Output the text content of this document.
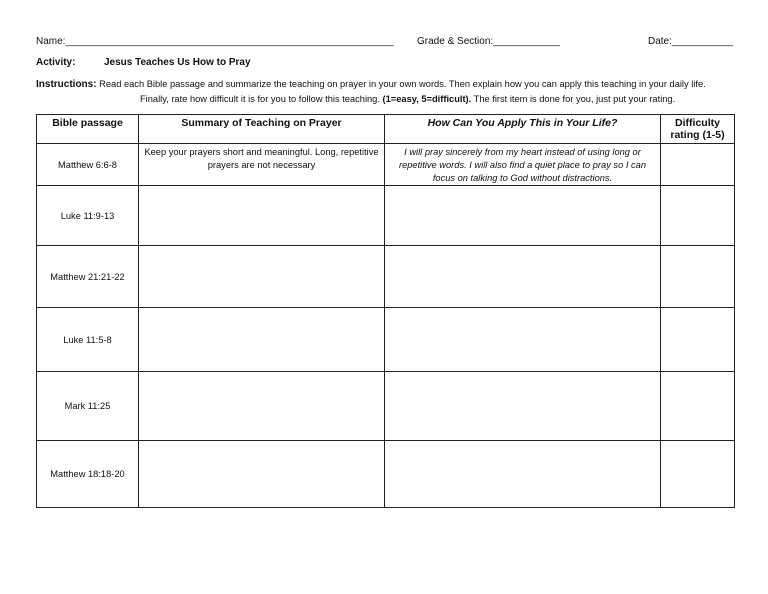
Name:___________________________________________________________ Grade & Section:____________	Date:___________
Activity:	Jesus Teaches Us How to Pray
Instructions: Read each Bible passage and summarize the teaching on prayer in your own words. Then explain how you can apply this teaching in your daily life.
Finally, rate how difficult it is for you to follow this teaching. (1=easy, 5=difficult). The first item is done for you, just put your rating.
Bible passage	Summary of Teaching on Prayer	How Can You Apply This in Your Life?	Difficulty rating (1-5)
Matthew 6:6-8	Keep your prayers short and meaningful. Long, repetitive prayers are not necessary	I will pray sincerely from my heart instead of using long or repetitive words. I will also find a quiet place to pray so I can focus on talking to God without distractions.	
Luke 11:9-13			
Matthew 21:21-22			
Luke 11:5-8			
Mark 11:25			
Matthew 18:18-20			
